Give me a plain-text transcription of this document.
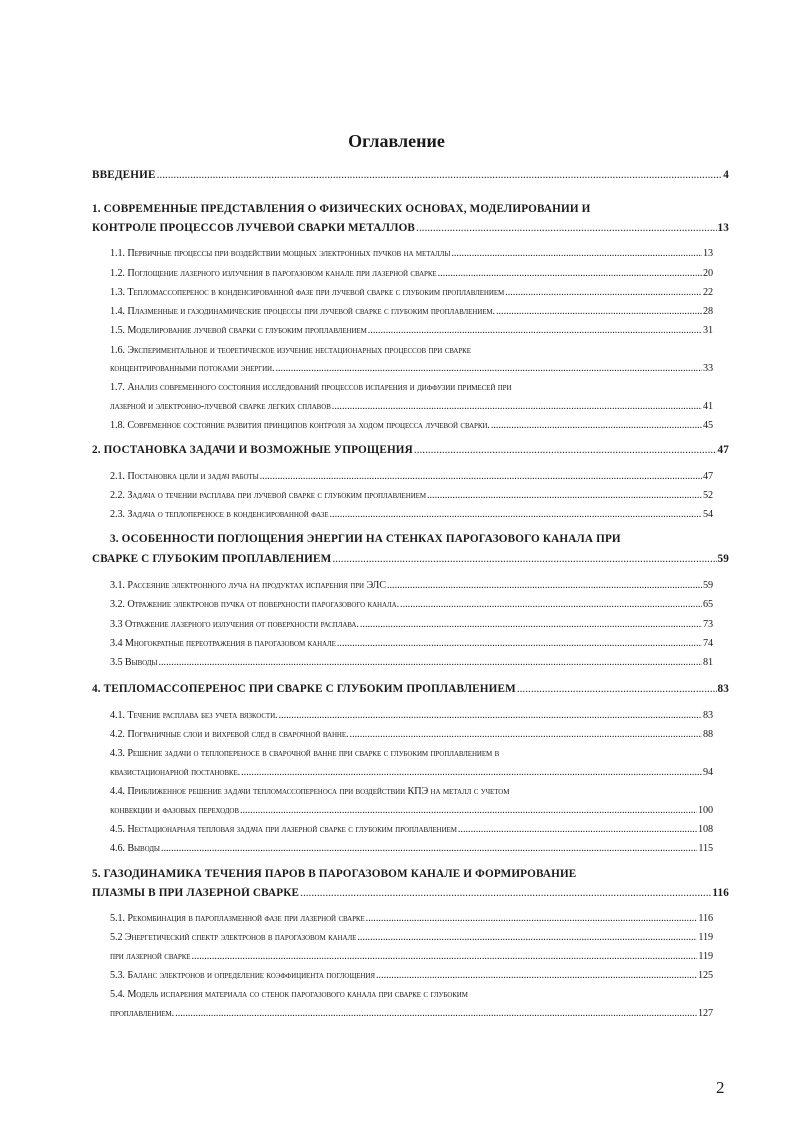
Оглавление
ВВЕДЕНИЕ .....	4
1. СОВРЕМЕННЫЕ ПРЕДСТАВЛЕНИЯ О ФИЗИЧЕСКИХ ОСНОВАХ, МОДЕЛИРОВАНИИ И
КОНТРОЛЕ ПРОЦЕССОВ ЛУЧЕВОЙ СВАРКИ МЕТАЛЛОВ .....	13
1.1. Первичные процессы при воздействии мощных электронных пучков на металлы .....	13
1.2. Поглощение лазерного излучения в парогазовом канале при лазерной сварке .....	20
1.3. Тепломассоперенос в конденсированной фазе при лучевой сварке с глубоким проплавлением .....	22
1.4. Плазменные и газодинамические процессы при лучевой сварке с глубоким проплавлением. .....	28
1.5. Моделирование лучевой сварки с глубоким проплавлением .....	31
1.6. Экспериментальное и теоретическое изучение нестационарных процессов при сварке
концентрированными потоками энергии. .....	33
1.7. Анализ современного состояния исследований процессов испарения и диффузии примесей при
лазерной и электронно-лучевой сварке легких сплавов .....	41
1.8. Современное состояние развития принципов контроля за ходом процесса лучевой сварки. .....	45
2. ПОСТАНОВКА ЗАДАЧИ И ВОЗМОЖНЫЕ УПРОЩЕНИЯ .....	47
2.1. Постановка цели и задач работы .....	47
2.2. Задача о течении расплава при лучевой сварке с глубоким проплавлением .....	52
2.3. Задача о теплопереносе в конденсированной фазе .....	54
3. ОСОБЕННОСТИ ПОГЛОЩЕНИЯ ЭНЕРГИИ НА СТЕНКАХ ПАРОГАЗОВОГО КАНАЛА ПРИ
СВАРКЕ С ГЛУБОКИМ ПРОПЛАВЛЕНИЕМ .....	59
3.1. Рассеяние электронного луча на продуктах испарения при ЭЛС .....	59
3.2. Отражение электронов пучка от поверхности парогазового канала. .....	65
3.3 Отражение лазерного излучения от поверхности расплава. .....	73
3.4 Многократные переотражения в парогазовом канале .....	74
3.5 Выводы .....	81
4. ТЕПЛОМАССОПЕРЕНОС ПРИ СВАРКЕ С ГЛУБОКИМ ПРОПЛАВЛЕНИЕМ .....	83
4.1. Течение расплава без учета вязкости. .....	83
4.2. Пограничные слои и вихревой след в сварочной ванне. .....	88
4.3. Решение задачи о теплопереносе в сварочной ванне при сварке с глубоким проплавлением в
квазистационарной постановке. .....	94
4.4. Приближенное решение задачи тепломассопереноса при воздействии КПЭ на металл с учетом
конвекции и фазовых переходов .....	100
4.5. Нестационарная тепловая задача при лазерной сварке с глубоким проплавлением .....	108
4.6. Выводы .....	115
5. ГАЗОДИНАМИКА ТЕЧЕНИЯ ПАРОВ В ПАРОГАЗОВОМ КАНАЛЕ И ФОРМИРОВАНИЕ
ПЛАЗМЫ В ПРИ ЛАЗЕРНОЙ СВАРКЕ .....	116
5.1. Рекомбинация в пароплазменной фазе при лазерной сварке .....	116
5.2 Энергетический спектр электронов в парогазовом канале .....	119
при лазерной сварке .....	119
5.3. Баланс электронов и определение коэффициента поглощения .....	125
5.4. Модель испарения материала со стенок парогазового канала при сварке с глубоким
проплавлением. .....	127
2
